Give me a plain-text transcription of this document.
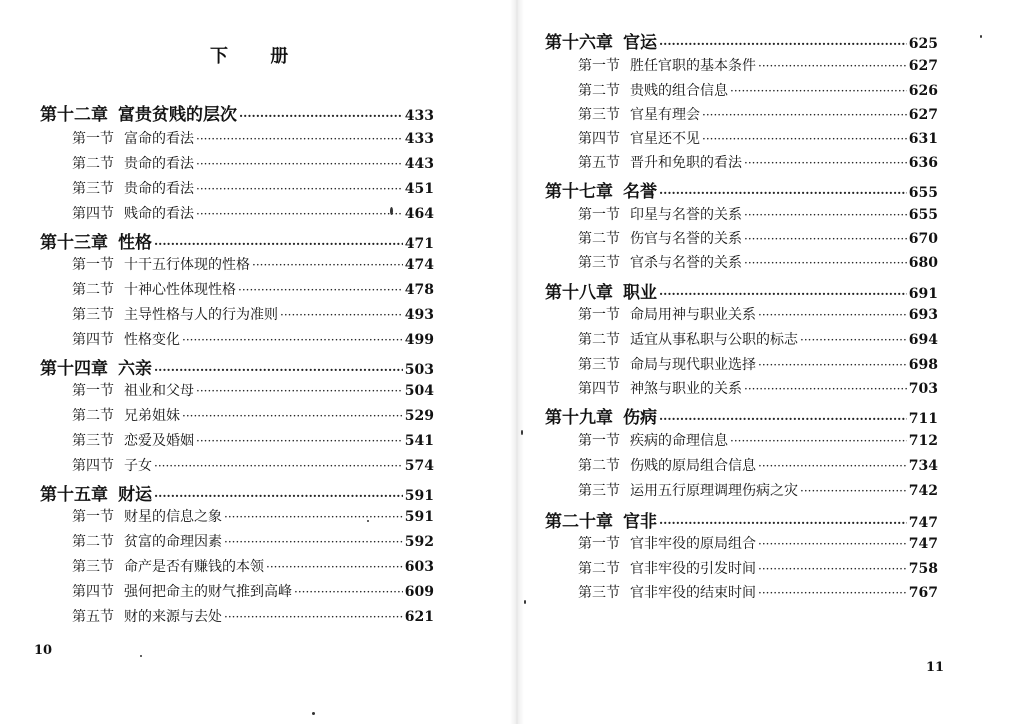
下 册
第十二章 富贵贫贱的层次 ·····	433
第一节 富命的看法 ·····	433
第二节 贵命的看法 ·····	443
第三节 贵命的看法 ·····	451
第四节 贱命的看法 ·····	464
第十三章 性格 ·····	471
第一节 十干五行体现的性格 ·····	474
第二节 十神心性体现性格 ·····	478
第三节 主导性格与人的行为准则 ·····	493
第四节 性格变化 ·····	499
第十四章 六亲 ·····	503
第一节 祖业和父母 ·····	504
第二节 兄弟姐妹 ·····	529
第三节 恋爱及婚姻 ·····	541
第四节 子女 ·····	574
第十五章 财运 ·····	591
第一节 财星的信息之象 ·····	591
第二节 贫富的命理因素 ·····	592
第三节 命产是否有赚钱的本领 ·····	603
第四节 强何把命主的财气推到高峰 ·····	609
第五节 财的来源与去处 ·····	621
10
第十六章 官运 ·····	625
第一节 胜任官职的基本条件 ·····	627
第二节 贵贱的组合信息 ·····	626
第三节 官星有理会 ·····	627
第四节 官星还不见 ·····	631
第五节 晋升和免职的看法 ·····	636
第十七章 名誉 ·····	655
第一节 印星与名誉的关系 ·····	655
第二节 伤官与名誉的关系 ·····	670
第三节 官杀与名誉的关系 ·····	680
第十八章 职业 ·····	691
第一节 命局用神与职业关系 ·····	693
第二节 适宜从事私职与公职的标志 ·····	694
第三节 命局与现代职业选择 ·····	698
第四节 神煞与职业的关系 ·····	703
第十九章 伤病 ·····	711
第一节 疾病的命理信息 ·····	712
第二节 伤贱的原局组合信息 ·····	734
第三节 运用五行原理调理伤病之灾 ·····	742
第二十章 官非 ·····	747
第一节 官非牢役的原局组合 ·····	747
第二节 官非牢役的引发时间 ·····	758
第三节 官非牢役的结束时间 ·····	767
11
